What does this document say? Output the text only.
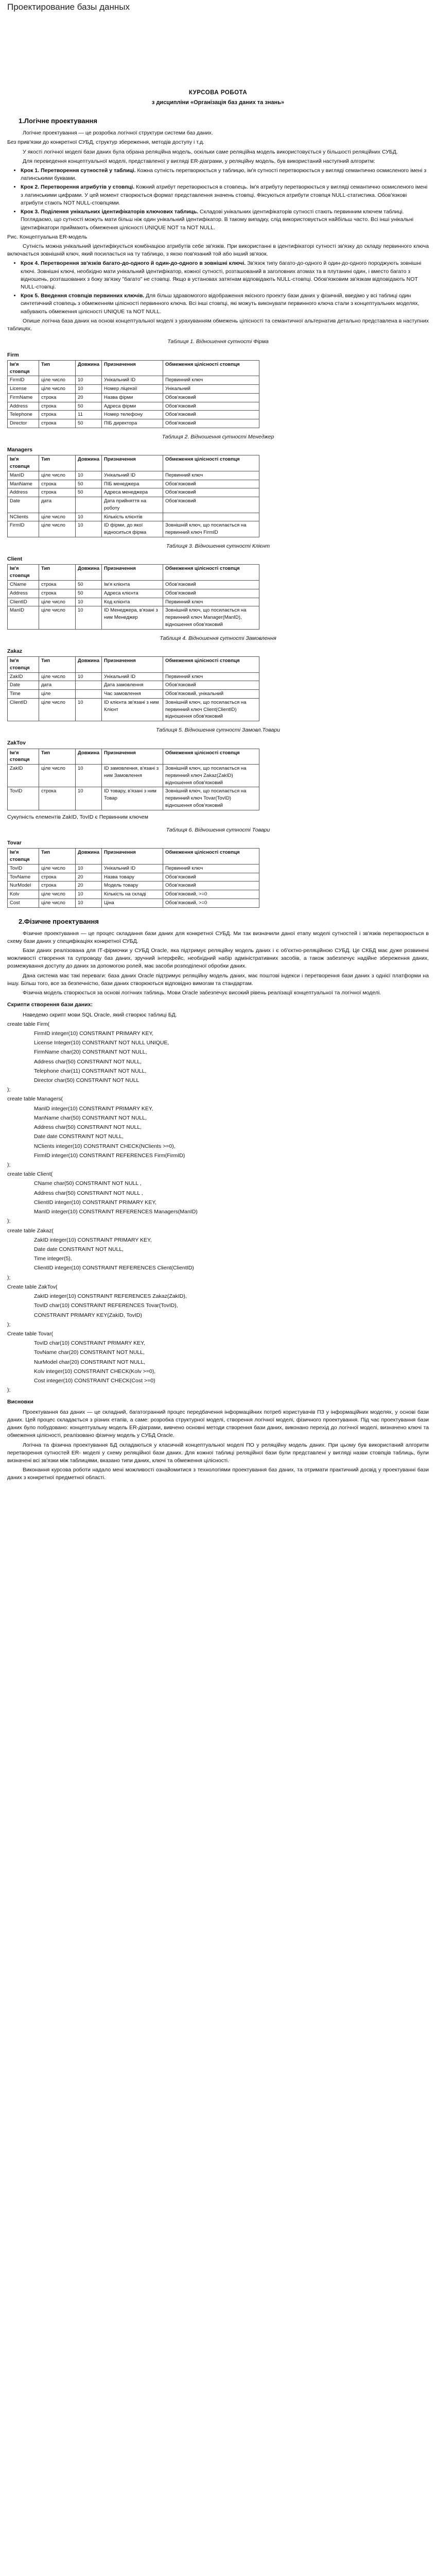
Проектирование базы данных
КУРСОВА РОБОТА
з дисципліни «Організація баз даних та знань»
1.Логічне проектування

Логічне проектування — це розробка логічної структури системи баз даних.

Без прив'язки до конкретної СУБД, структур збереження, методів доступу і т.д.

У якості логічної моделі бази даних була обрана реляційна модель, оскільки саме реляційна модель використовується у більшості реляційних СУБД.

Для переведення концептуальної моделі, представленої у вигляді ER-діаграми, у реляційну модель, був використаний наступний алгоритм:

• Крок 1. Перетворення сутностей у таблиці. Кожна сутність перетворюється у таблицю, ім'я сутності перетворюється у вигляді семантично осмисленого імені з латинськими буквами.
• Крок 2. Перетворення атрибутів у стовпці. Кожний атрибут перетворюється в стовпець. Ім'я атрибуту перетворюється у вигляді семантично осмисленого імені з латинськими цифрами. У цей момент створюється формат представлення значень стовпці. Фіксуються атрибути стовпця NULL-статистика. Обов'язкові атрибути стають NOT NULL-стовпцями.
• Крок 3. Поділення унікальних ідентифікаторів ключових таблиць. Складові унікальних ідентифікаторів сутності стають первинним ключем таблиці. Поглядаємо, що сутності можуть мати більш ніж один унікальний ідентифікатор. В такому випадку, слід використовується найбільш часто. Всі інші унікальні ідентифікатори приймають обмеження цілісності UNIQUE NOT та NOT NULL.

Рис. Концептуальна ER-модель

Сутність можна унікальний ідентифікується комбінацією атрибутів себе зв'язків. При використанні в ідентифікаторі сутності зв'язку до складу первинного ключа включається зовнішній ключ, який посилається на ту таблицю, з якою пов'язаний той або інший зв'язок.

• Крок 4. Перетворення зв'язків багато-до-одного й один-до-одного в зовнішні ключі. Зв'язок типу багато-до-одного й один-до-одного породжують зовнішні ключі. Зовнішні ключі, необхідно мати унікальний ідентифікатор, кожної сутності, розташований в заголовних атомах та в плутанині один, і вместо багато з відношень, розташованих з боку зв'язку "багато" не стовпці. Якщо в установах затягнам відповідають NULL-стовпці. Обов'язковим зв'язкам відповідають NOT NULL-стовпці.
• Крок 5. Введення стовпців первинних ключів. Для більш здравомогого відображення якісного проекту бази даних у фізичній, введімо у всі таблиці один синтетичний стовпець з обмеженням цілісності первинного ключа. Всі інші стовпці, які можуть виконувати первинного ключа стали з концептуальних моделях, набувають обмеження цілісності UNIQUE та NOT NULL.

Опише логічна база даних на основі концептуальної моделі з урахуванням обмежень цілісності та семантичної альтернатив детально представлена в наступних таблицях.

Таблиця 1. Відношення сутності Фірма
Firm
Ім'я стовпця	Тип	Довжина	Призначення	Обмеження цілісності стовпця
FirmID	ціле число	10	Унікальний ID	Первинний ключ
License	ціле число	10	Номер ліцензії	Унікальний
FirmName	строка	20	Назва фірми	Обов'язковий
Address	строка	50	Адреса фірми	Обов'язковий
Telephone	строка	11	Номер телефону	Обов'язковий
Director	строка	50	ПІБ директора	Обов'язковий
Таблиця 2. Відношення сутності Менеджер
Managers
Ім'я стовпця	Тип	Довжина	Призначення	Обмеження цілісності стовпця
ManID	ціле число	10	Унікальний ID	Первинний ключ
ManName	строка	50	ПІБ менеджера	Обов'язковий
Address	строка	50	Адреса менеджера	Обов'язковий
Date	дата		Дата прийняття на роботу	Обов'язковий
NClients	ціле число	10	Кількість клієнтів	
FirmID	ціле число	10	ID фірми, до якої відноситься фірма	Зовнішній ключ, що посилається на первинний ключ FirmID
Таблиця 3. Відношення сутності Клієнт
Client
Ім'я стовпця	Тип	Довжина	Призначення	Обмеження цілісності стовпця
CName	строка	50	Ім'я клієнта	Обов'язковий
Address	строка	50	Адреса клієнта	Обов'язковий
ClientID	ціле число	10	Код клієнта	Первинний ключ
ManID	ціле число	10	ID Менеджера, в'язані з ним Менеджер	Зовнішній ключ, що посилається на первинний ключ Manager(ManID), відношення обов'язковий
Таблиця 4. Відношення сутності Замовлення
Zakaz
Ім'я стовпця	Тип	Довжина	Призначення	Обмеження цілісності стовпця
ZakID	ціле число	10	Унікальний ID	Первинний ключ
Date	дата		Дата замовлення	Обов'язковий
Time	ціле		Час замовлення	Обов'язковий, унікальний
ClientID	ціле число	10	ID клієнта зв'язані з ним Клієнт	Зовнішній ключ, що посилається на первинний ключ Client(ClientID) відношення обов'язковий
Таблиця 5. Відношення сутності Замовл.Товари
ZakTov
Ім'я стовпця	Тип	Довжина	Призначення	Обмеження цілісності стовпця
ZakID	ціле число	10	ID замовлення, в'язані з ним Замовлення	Зовнішній ключ, що посилається на первинний ключ Zakaz(ZakID) відношення обов'язковий
TovID	строка	10	ID товару, в'язані з ним Товар	Зовнішній ключ, що посилається на первинний ключ Tovar(TovID) відношення обов'язковий
Сукупність елементів ZakID, TovID є Первинним ключем
Таблиця 6. Відношення сутності Товари
Tovar
Ім'я стовпця	Тип	Довжина	Призначення	Обмеження цілісності стовпця
TovID	ціле число	10	Унікальний ID	Первинний ключ
TovName	строка	20	Назва товару	Обов'язковий
NurModel	строка	20	Модель товару	Обов'язковий
Kolv	ціле число	10	Кількість на складі	Обов'язковий, >=0
Cost	ціле число	10	Ціна	Обов'язковий, >=0
2.Фізичне проектування

Фізичне проектування — це процес складання бази даних для конкретної СУБД. Ми так визначили даної етапу моделі сутностей і зв'язків перетворюється в схему бази даних у специфікаціях конкретної СУБД.

Бази даних реалізована для ІТ-фірмочки у СУБД Oracle, яка підтримує реляційну модель даних і є об'єктно-реляційною СУБД. Це СКБД має дуже розвинені можливості створення та супроводу баз даних, зручний інтерфейс, необхідний набір адміністративних засобів, а також забезпечує надійне збереження даних, розмежування доступу до даних за допомогою ролей, має засоби розподіленої обробки даних.

Дана система має такі переваги: база даних Oracle підтримує реляційну модель даних, має поштові індекси і перетворення бази даних з однієї платформи на іншу. Більш того, все за безпечністю, бази даних створюються відповідно вимогам та стандартам.

Фізична модель створюється за основі логічних таблиць. Мови Oracle забезпечує високий рівень реалізації концептуальної та логічної моделі.

Скрипти створення бази даних:

Наведемо скрипт мови SQL Oracle, який створює таблиці БД.

create table Firm(
FirmID integer(10) CONSTRAINT PRIMARY KEY,
License Integer(10) CONSTRAINT NOT NULL UNIQUE,
FirmName char(20) CONSTRAINT NOT NULL,
Address char(50) CONSTRAINT NOT NULL,
Telephone char(11) CONSTRAINT NOT NULL,
Director char(50) CONSTRAINT NOT NULL
);
create table Managers(
ManID integer(10) CONSTRAINT PRIMARY KEY,
ManName char(50) CONSTRAINT NOT NULL,
Address char(50) CONSTRAINT NOT NULL,
Date date CONSTRAINT NOT NULL,
NClients integer(10) CONSTRAINT CHECK(NClients >=0),
FirmID integer(10) CONSTRAINT REFERENCES Firm(FirmID)
);
create table Client(
CName char(50) CONSTRAINT NOT NULL ,
Address char(50) CONSTRAINT NOT NULL ,
ClientID integer(10) CONSTRAINT PRIMARY KEY,
ManID integer(10) CONSTRAINT REFERENCES Managers(ManID)
);
create table Zakaz(
ZakID integer(10) CONSTRAINT PRIMARY KEY,
Date date CONSTRAINT NOT NULL,
Time integer(5),
ClientID integer(10) CONSTRAINT REFERENCES Client(ClientID)
);
Create table ZakTov(
ZakID integer(10) CONSTRAINT REFERENCES Zakaz(ZakID),
TovID char(10) CONSTRAINT REFERENCES Tovar(TovID),
CONSTRAINT PRIMARY KEY(ZakID, TovID)
);
Create table Tovar(
TovID char(10) CONSTRAINT PRIMARY KEY,
TovName char(20) CONSTRAINT NOT NULL,
NurModel char(20) CONSTRAINT NOT NULL,
Kolv integer(10) CONSTRAINT CHECK(Kolv >=0),
Cost integer(10) CONSTRAINT CHECK(Cost >=0)
);
Висновки

Проектування баз даних — це складний, багатогранний процес передбачення інформаційних потреб користувачів ПЗ у інформаційних моделях, у основі бази даних. Цей процес складається з різних етапів, а саме: розробка структурної моделі, створення логічної моделі, фізичного проектування. Під час проектування бази даних було побудовано: концептуальну модель ER-діаграми, вивчено основні методи створення бази даних, виконано перехід до логічної моделі, визначено ключі та обмеження цілісності, реалізовано фізичну модель у СУБД Oracle.

Логічна та фізична проектування БД складаються у класичній концептуальної моделі ПО у реляційну модель даних. При цьому був використаний алгоритм перетворення сутностей ER- моделі у схему реляційної бази даних. Для кожної таблиці реляційної бази були представлені у вигляді назви стовпців таблиць, були визначені всі зв'язки між таблицями, вказано типи даних, ключі та обмеження цілісності.

Виконання курсова роботи надало мені можливості ознайомитися з технологіями проектування баз даних, та отримати практичний досвід у проектуванні бази даних з конкретної предметної області.
